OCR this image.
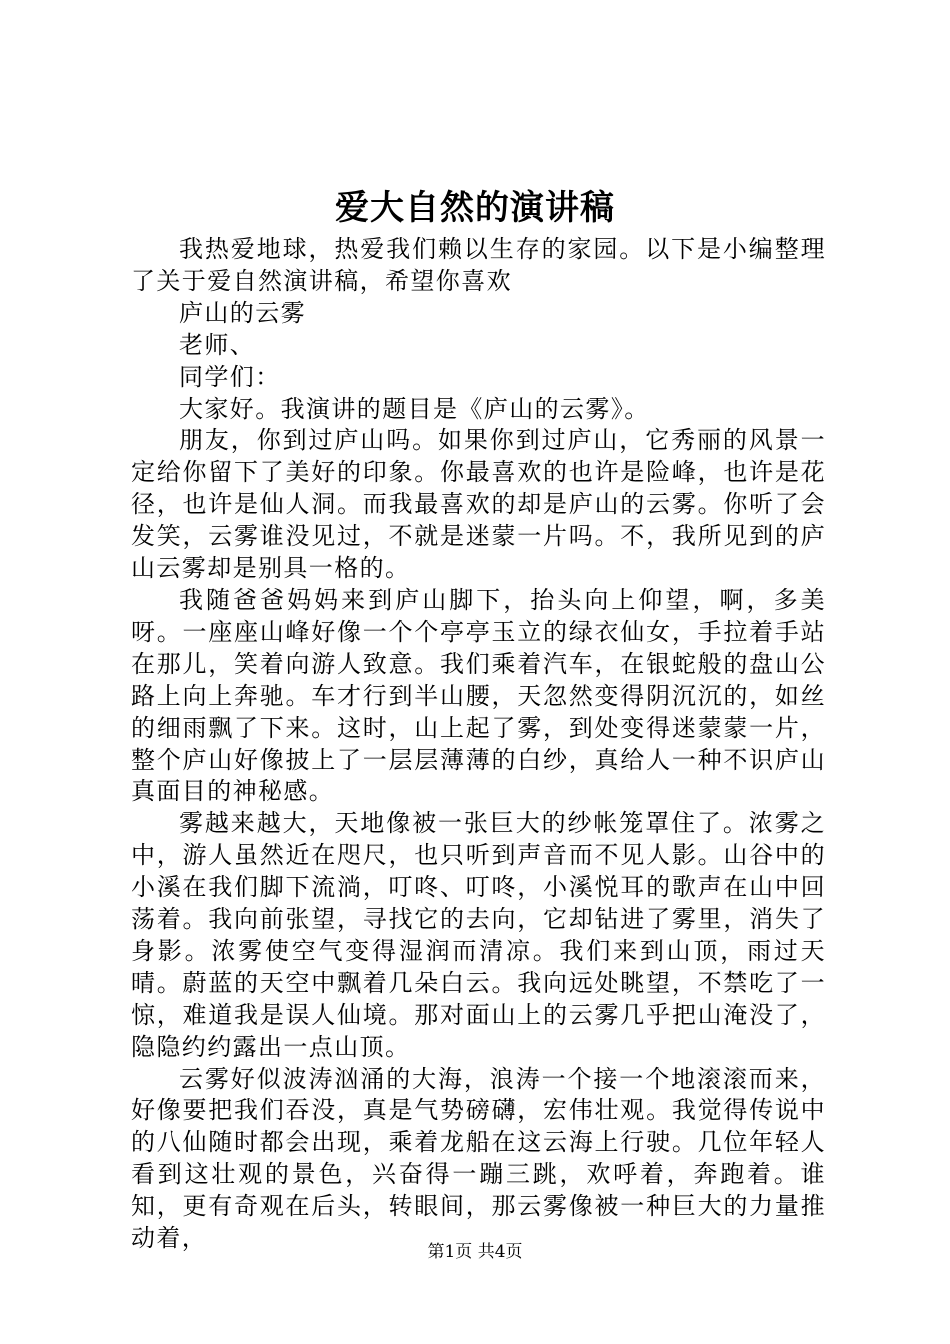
爱大自然的演讲稿

我热爱地球，热爱我们赖以生存的家园。以下是小编整理了关于爱自然演讲稿，希望你喜欢

庐山的云雾

老师、

同学们：

大家好。我演讲的题目是《庐山的云雾》。

朋友，你到过庐山吗。如果你到过庐山，它秀丽的风景一定给你留下了美好的印象。你最喜欢的也许是险峰，也许是花径，也许是仙人洞。而我最喜欢的却是庐山的云雾。你听了会发笑，云雾谁没见过，不就是迷蒙一片吗。不，我所见到的庐山云雾却是别具一格的。

我随爸爸妈妈来到庐山脚下，抬头向上仰望，啊，多美呀。一座座山峰好像一个个亭亭玉立的绿衣仙女，手拉着手站在那儿，笑着向游人致意。我们乘着汽车，在银蛇般的盘山公路上向上奔驰。车才行到半山腰，天忽然变得阴沉沉的，如丝的细雨飘了下来。这时，山上起了雾，到处变得迷蒙蒙一片，整个庐山好像披上了一层层薄薄的白纱，真给人一种不识庐山真面目的神秘感。

雾越来越大，天地像被一张巨大的纱帐笼罩住了。浓雾之中，游人虽然近在咫尺，也只听到声音而不见人影。山谷中的小溪在我们脚下流淌，叮咚、叮咚，小溪悦耳的歌声在山中回荡着。我向前张望，寻找它的去向，它却钻进了雾里，消失了身影。浓雾使空气变得湿润而清凉。我们来到山顶，雨过天晴。蔚蓝的天空中飘着几朵白云。我向远处眺望，不禁吃了一惊，难道我是误人仙境。那对面山上的云雾几乎把山淹没了，隐隐约约露出一点山顶。

云雾好似波涛汹涌的大海，浪涛一个接一个地滚滚而来，好像要把我们吞没，真是气势磅礴，宏伟壮观。我觉得传说中的八仙随时都会出现，乘着龙船在这云海上行驶。几位年轻人看到这壮观的景色，兴奋得一蹦三跳，欢呼着，奔跑着。谁知，更有奇观在后头，转眼间，那云雾像被一种巨大的力量推动着，	第1页 共4页
